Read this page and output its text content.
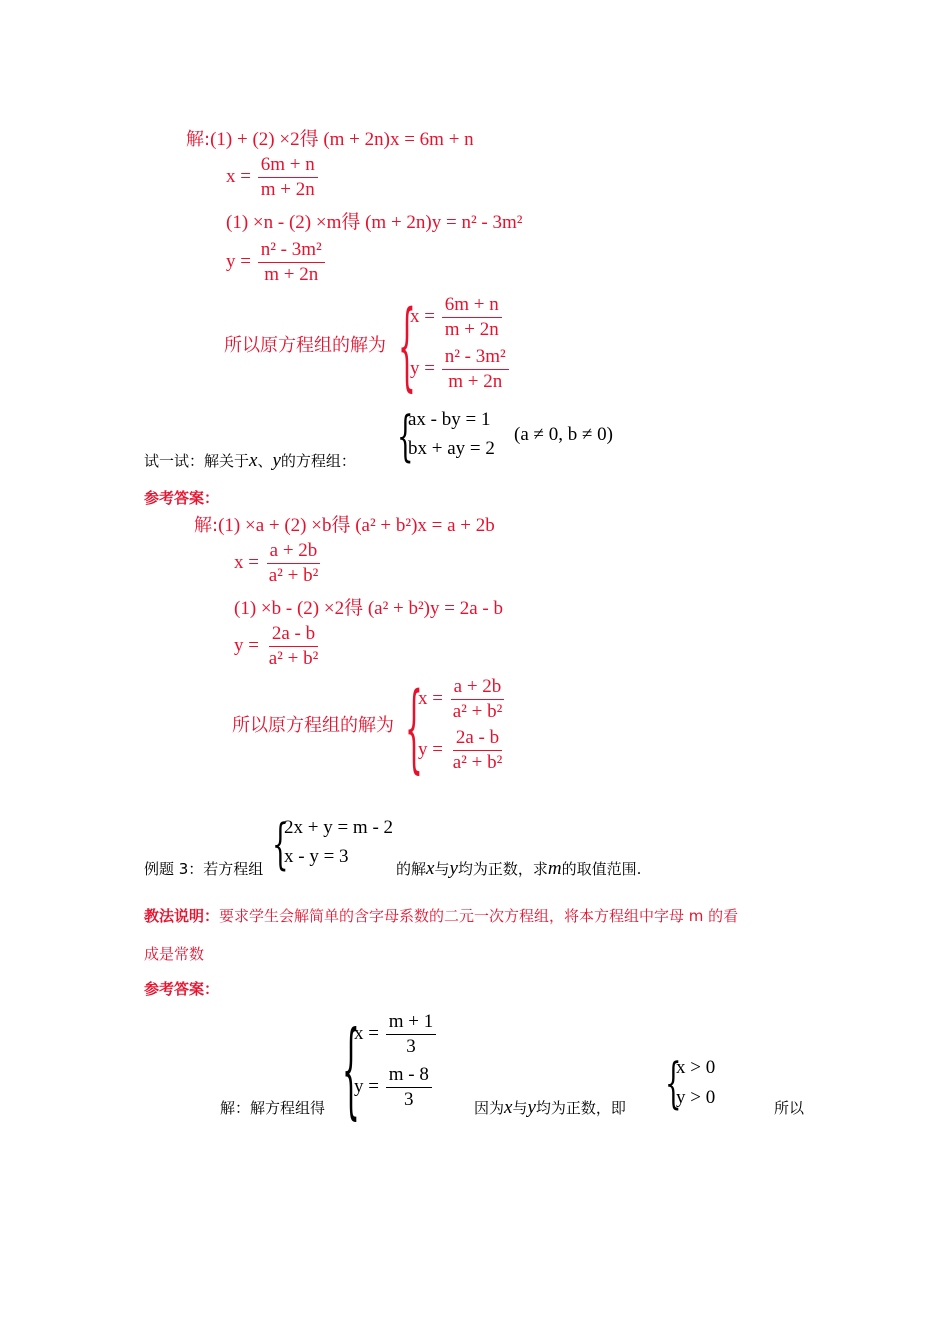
解:(1) + (2) ×2得 (m + 2n)x = 6m + n
$x = \frac{6m + n}{m + 2n}$
(1) ×n - (2) ×m得 (m + 2n)y = n² - 3m²
$y = \frac{\text{n² - 3m²}}{m + 2n}$
所以原方程组的解为 {
$x = \frac{6m + n}{m + 2n}$
$y = \frac{\text{n² - 3m²}}{m + 2n}$
试一试：解关于x、y的方程组： {
ax - by = 1
bx + ay = 2
(a ≠ 0, b ≠ 0)
参考答案：
解:(1) ×a + (2) ×b得 (a² + b²)x = a + 2b
$x = \frac{a + 2b}{\text{a² + b²}}$
(1) ×b - (2) ×2得 (a² + b²)y = 2a - b
$y = \frac{2a - b}{\text{a² + b²}}$
所以原方程组的解为 {
$x = \frac{a + 2b}{\text{a² + b²}}$
$y = \frac{2a - b}{\text{a² + b²}}$
例题 3：若方程组 {
2x + y = m - 2
x - y = 3
的解x与y均为正数，求m的取值范围.
教法说明：要求学生会解简单的含字母系数的二元一次方程组，将本方程组中字母 m 的看
成是常数
参考答案：
解：解方程组得 {
$x = \frac{m + 1}{3}$
$y = \frac{m - 8}{3}$	因为x与y均为正数，即 {
x > 0
y > 0	所以
